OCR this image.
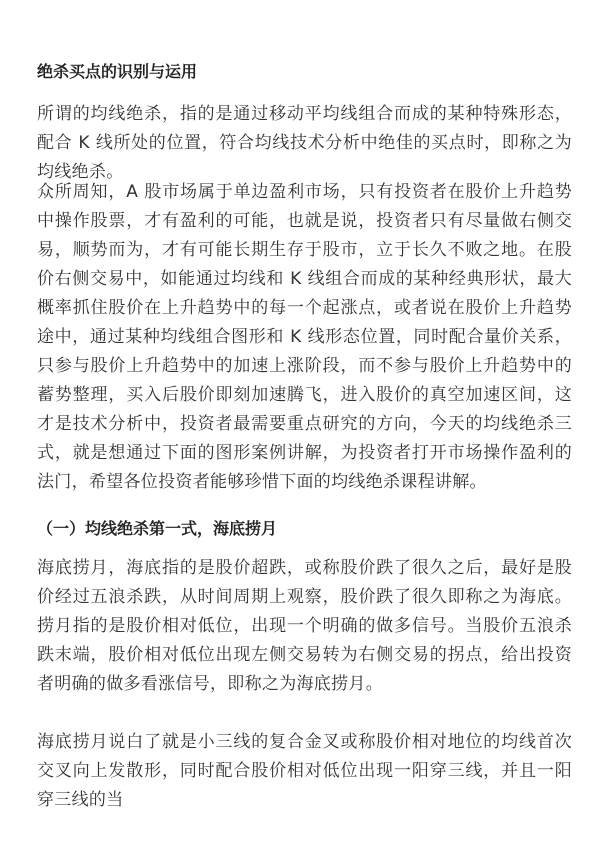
绝杀买点的识别与运用

所谓的均线绝杀，指的是通过移动平均线组合而成的某种特殊形态，配合 K 线所处的位置，符合均线技术分析中绝佳的买点时，即称之为均线绝杀。

众所周知，A 股市场属于单边盈利市场，只有投资者在股价上升趋势中操作股票，才有盈利的可能，也就是说，投资者只有尽量做右侧交易，顺势而为，才有可能长期生存于股市，立于长久不败之地。在股价右侧交易中，如能通过均线和 K 线组合而成的某种经典形状，最大概率抓住股价在上升趋势中的每一个起涨点，或者说在股价上升趋势途中，通过某种均线组合图形和 K 线形态位置，同时配合量价关系，只参与股价上升趋势中的加速上涨阶段，而不参与股价上升趋势中的蓄势整理，买入后股价即刻加速腾飞，进入股价的真空加速区间，这才是技术分析中，投资者最需要重点研究的方向，今天的均线绝杀三式，就是想通过下面的图形案例讲解，为投资者打开市场操作盈利的法门，希望各位投资者能够珍惜下面的均线绝杀课程讲解。

（一）均线绝杀第一式，海底捞月

海底捞月，海底指的是股价超跌，或称股价跌了很久之后，最好是股价经过五浪杀跌，从时间周期上观察，股价跌了很久即称之为海底。捞月指的是股价相对低位，出现一个明确的做多信号。当股价五浪杀跌末端，股价相对低位出现左侧交易转为右侧交易的拐点，给出投资者明确的做多看涨信号，即称之为海底捞月。

海底捞月说白了就是小三线的复合金叉或称股价相对地位的均线首次交叉向上发散形，同时配合股价相对低位出现一阳穿三线，并且一阳穿三线的当
